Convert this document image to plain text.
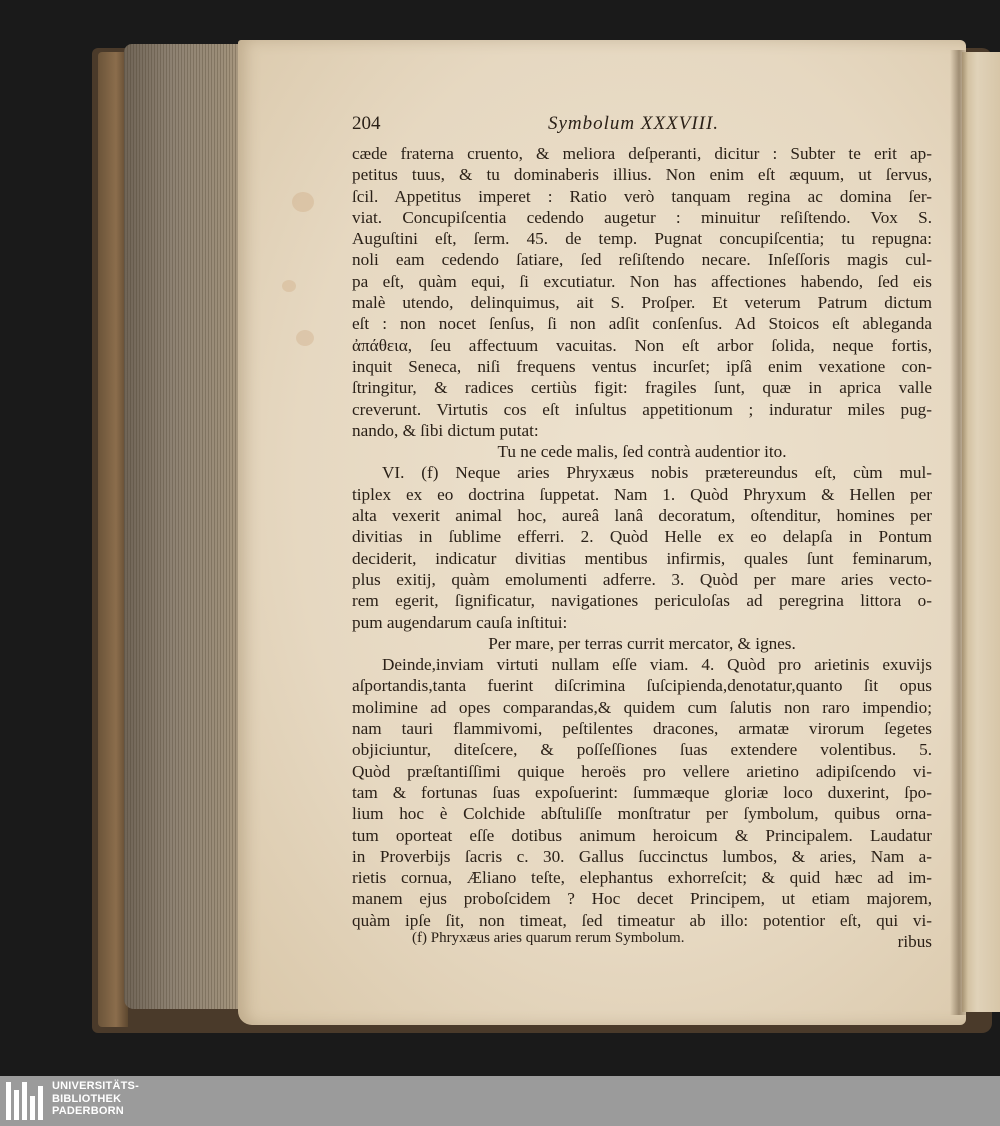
204	Symbolum XXXVIII.
cæde fraterna cruento, & meliora deſperanti, dicitur : Subter te erit ap-
petitus tuus, & tu dominaberis illius. Non enim eſt æquum, ut ſervus,
ſcil. Appetitus imperet : Ratio verò tanquam regina ac domina ſer-
viat. Concupiſcentia cedendo augetur : minuitur reſiſtendo. Vox S.
Auguſtini eſt, ſerm. 45. de temp. Pugnat concupiſcentia; tu repugna:
noli eam cedendo ſatiare, ſed reſiſtendo necare. Inſeſſoris magis cul-
pa eſt, quàm equi, ſi excutiatur. Non has affectiones habendo, ſed eis
malè utendo, delinquimus, ait S. Proſper. Et veterum Patrum dictum
eſt : non nocet ſenſus, ſi non adſit conſenſus. Ad Stoicos eſt ableganda
ἀπάθεια, ſeu affectuum vacuitas. Non eſt arbor ſolida, neque fortis,
inquit Seneca, niſi frequens ventus incurſet; ipſâ enim vexatione con-
ſtringitur, & radices certiùs figit: fragiles ſunt, quæ in aprica valle
creverunt. Virtutis cos eſt inſultus appetitionum ; induratur miles pug-
nando, & ſibi dictum putat:
Tu ne cede malis, ſed contrà audentior ito.
VI. (f) Neque aries Phryxæus nobis prætereundus eſt, cùm mul-
tiplex ex eo doctrina ſuppetat. Nam 1. Quòd Phryxum & Hellen per
alta vexerit animal hoc, aureâ lanâ decoratum, oſtenditur, homines per
divitias in ſublime efferri. 2. Quòd Helle ex eo delapſa in Pontum
deciderit, indicatur divitias mentibus infirmis, quales ſunt feminarum,
plus exitij, quàm emolumenti adferre. 3. Quòd per mare aries vecto-
rem egerit, ſignificatur, navigationes periculoſas ad peregrina littora o-
pum augendarum cauſa inſtitui:
Per mare, per terras currit mercator, & ignes.
Deinde,inviam virtuti nullam eſſe viam. 4. Quòd pro arietinis exuvijs
aſportandis,tanta fuerint diſcrimina ſuſcipienda,denotatur,quanto ſit opus
molimine ad opes comparandas,& quidem cum ſalutis non raro impendio;
nam tauri flammivomi, peſtilentes dracones, armatæ virorum ſegetes
objiciuntur, diteſcere, & poſſeſſiones ſuas extendere volentibus. 5.
Quòd præſtantiſſimi quique heroës pro vellere arietino adipiſcendo vi-
tam & fortunas ſuas expoſuerint: ſummæque gloriæ loco duxerint, ſpo-
lium hoc è Colchide abſtuliſſe monſtratur per ſymbolum, quibus orna-
tum oporteat eſſe dotibus animum heroicum & Principalem. Laudatur
in Proverbijs ſacris c. 30. Gallus ſuccinctus lumbos, & aries, Nam a-
rietis cornua, Æliano teſte, elephantus exhorreſcit; & quid hæc ad im-
manem ejus proboſcidem ? Hoc decet Principem, ut etiam majorem,
quàm ipſe ſit, non timeat, ſed timeatur ab illo: potentior eſt, qui vi-
ribus
(f) Phryxæus aries quarum rerum Symbolum.
UNIVERSITÄTS-
BIBLIOTHEK
PADERBORN
